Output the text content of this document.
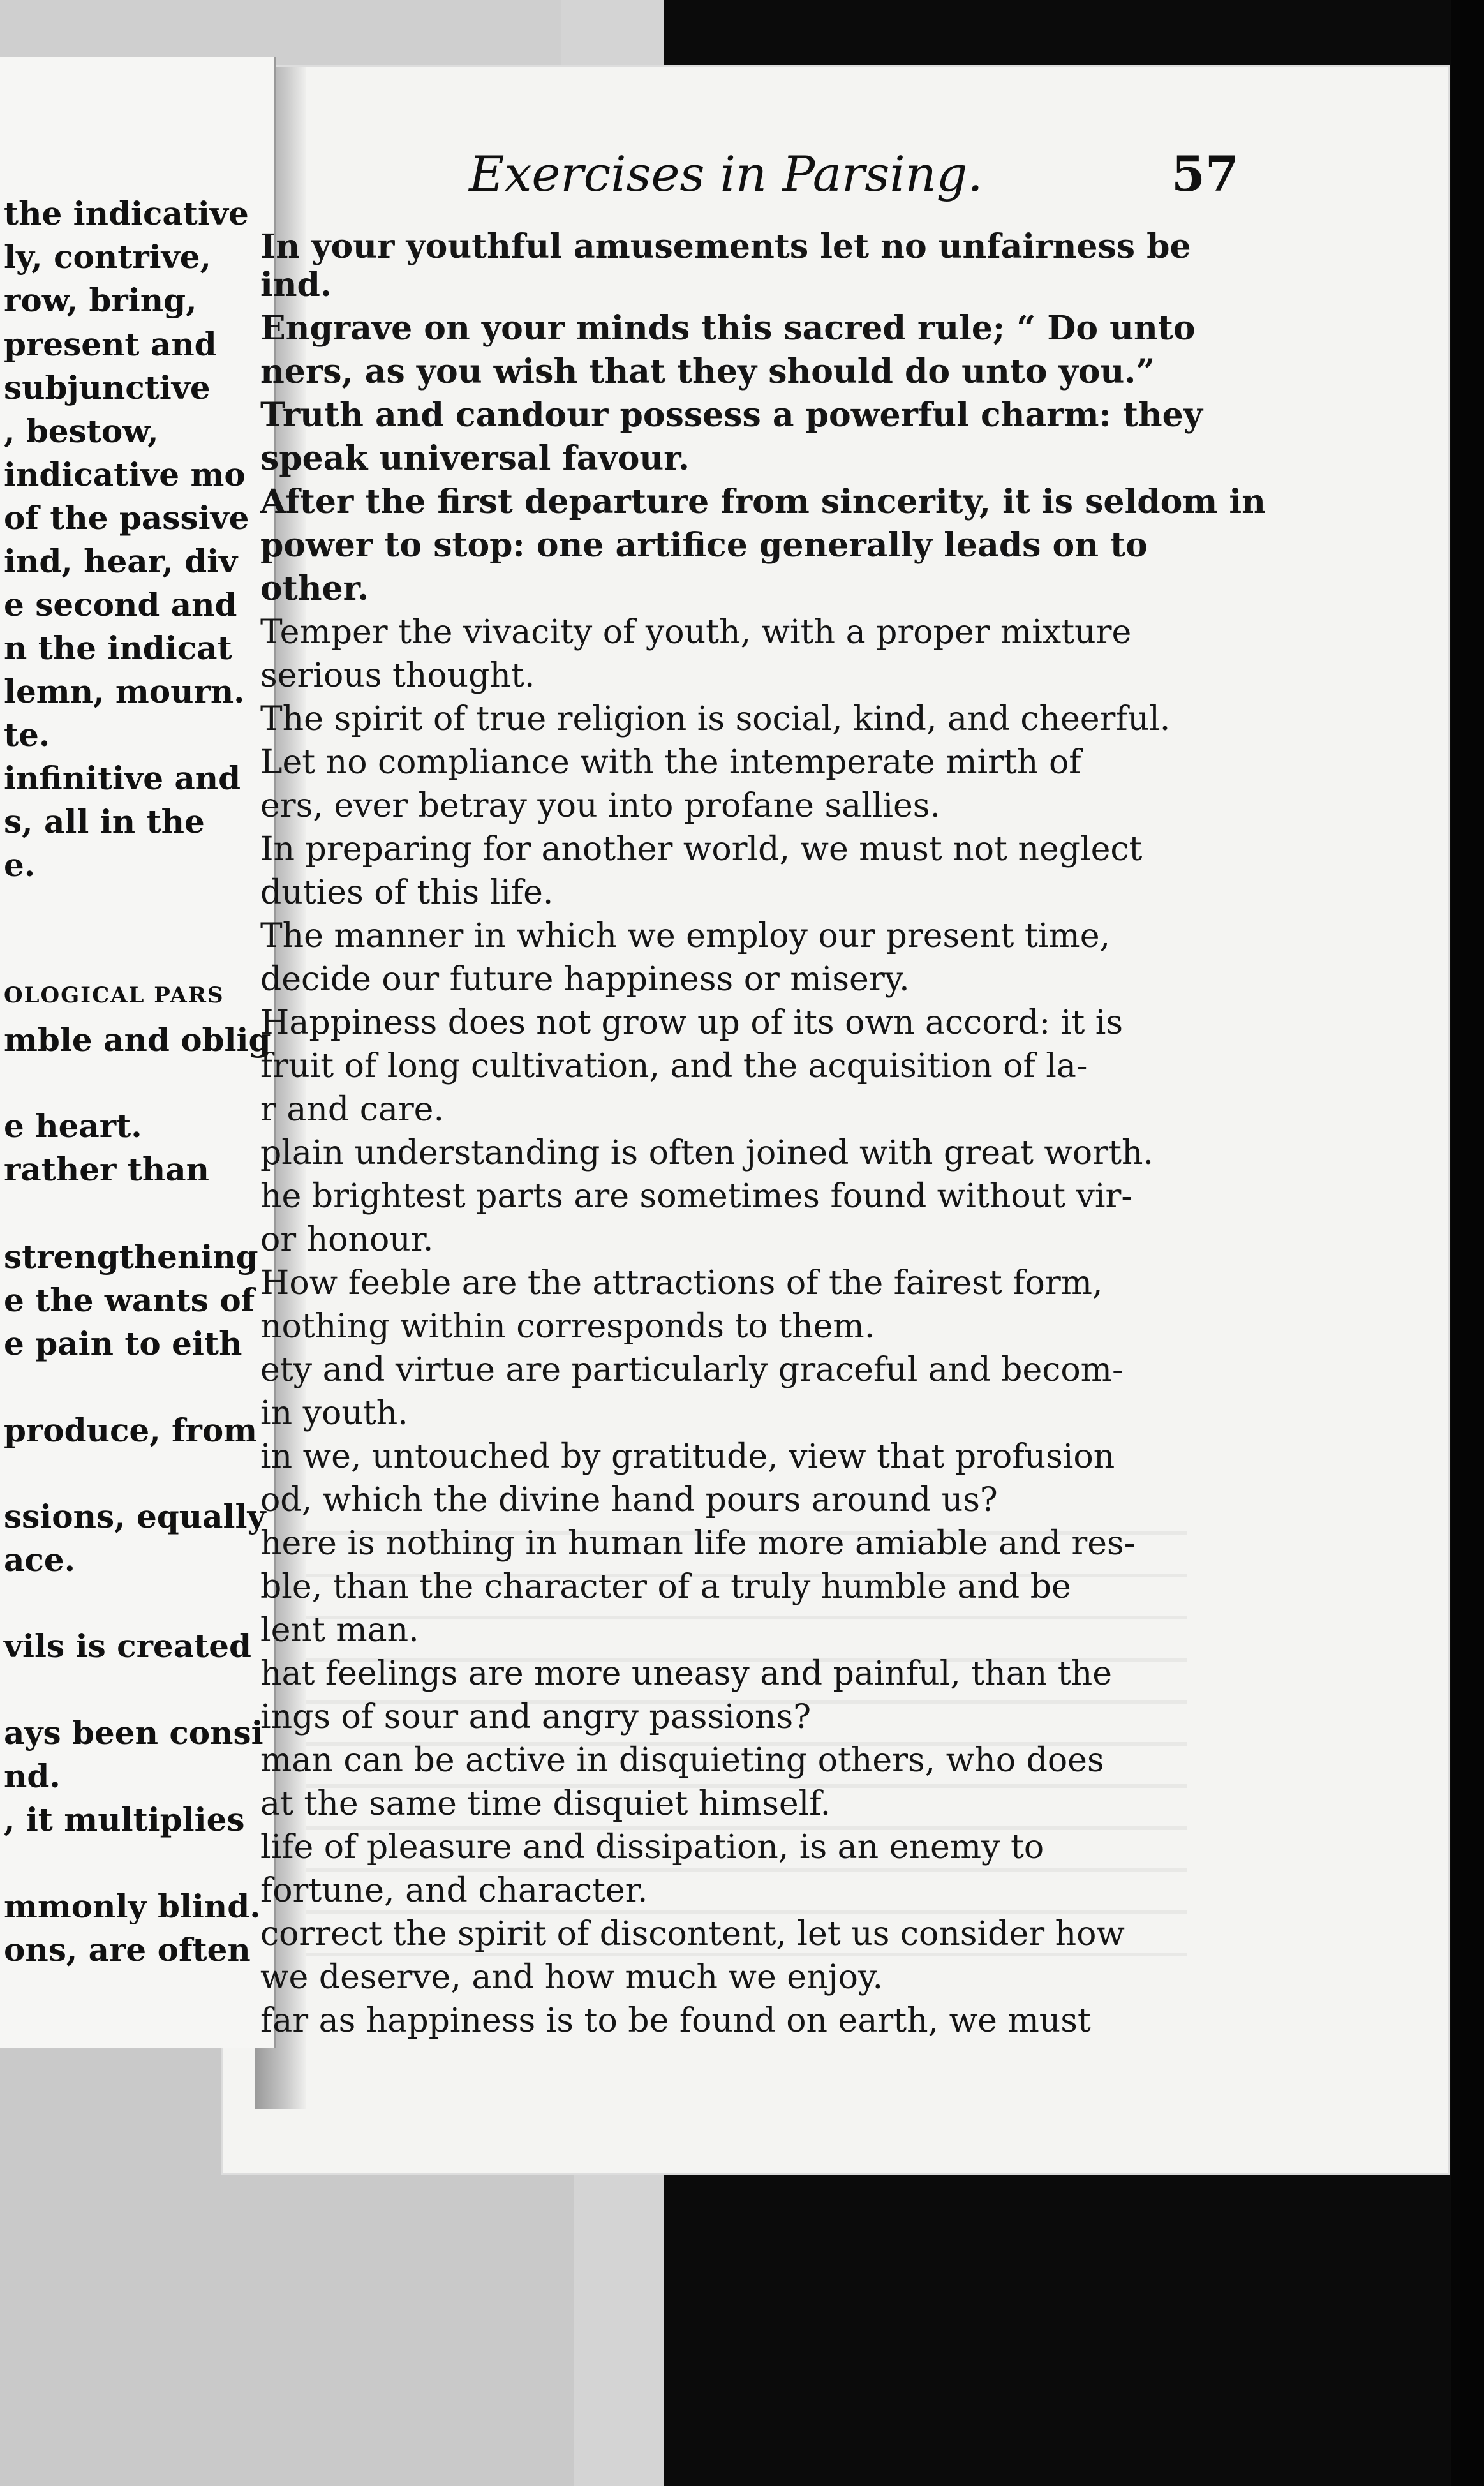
the indicative
ly, contrive,
row, bring,
present and
subjunctive
, bestow,
indicative mo
of the passive
ind, hear, div
e second and
n the indicat
lemn, mourn.
te.
infinitive and
s, all in the
e.
OLOGICAL PARS
mble and oblig
e heart.
rather than
strengthening
e the wants of
e pain to eith
produce, from
ssions, equally
ace.
vils is created
ays been consi
nd.
, it multiplies
mmonly blind.
ons, are often
Exercises in Parsing.	57
In your youthful amusements let no unfairness be
ind.
Engrave on your minds this sacred rule; “ Do unto
ners, as you wish that they should do unto you.”
Truth and candour possess a powerful charm: they
speak universal favour.
After the first departure from sincerity, it is seldom in
power to stop: one artifice generally leads on to
other.
Temper the vivacity of youth, with a proper mixture
serious thought.
The spirit of true religion is social, kind, and cheerful.
Let no compliance with the intemperate mirth of
ers, ever betray you into profane sallies.
In preparing for another world, we must not neglect
duties of this life.
The manner in which we employ our present time,
decide our future happiness or misery.
Happiness does not grow up of its own accord: it is
fruit of long cultivation, and the acquisition of la-
r and care.
plain understanding is often joined with great worth.
he brightest parts are sometimes found without vir-
or honour.
How feeble are the attractions of the fairest form,
nothing within corresponds to them.
ety and virtue are particularly graceful and becom-
in youth.
in we, untouched by gratitude, view that profusion
od, which the divine hand pours around us?
here is nothing in human life more amiable and res-
ble, than the character of a truly humble and be
lent man.
hat feelings are more uneasy and painful, than the
ings of sour and angry passions?
man can be active in disquieting others, who does
at the same time disquiet himself.
life of pleasure and dissipation, is an enemy to
fortune, and character.
correct the spirit of discontent, let us consider how
we deserve, and how much we enjoy.
far as happiness is to be found on earth, we must
